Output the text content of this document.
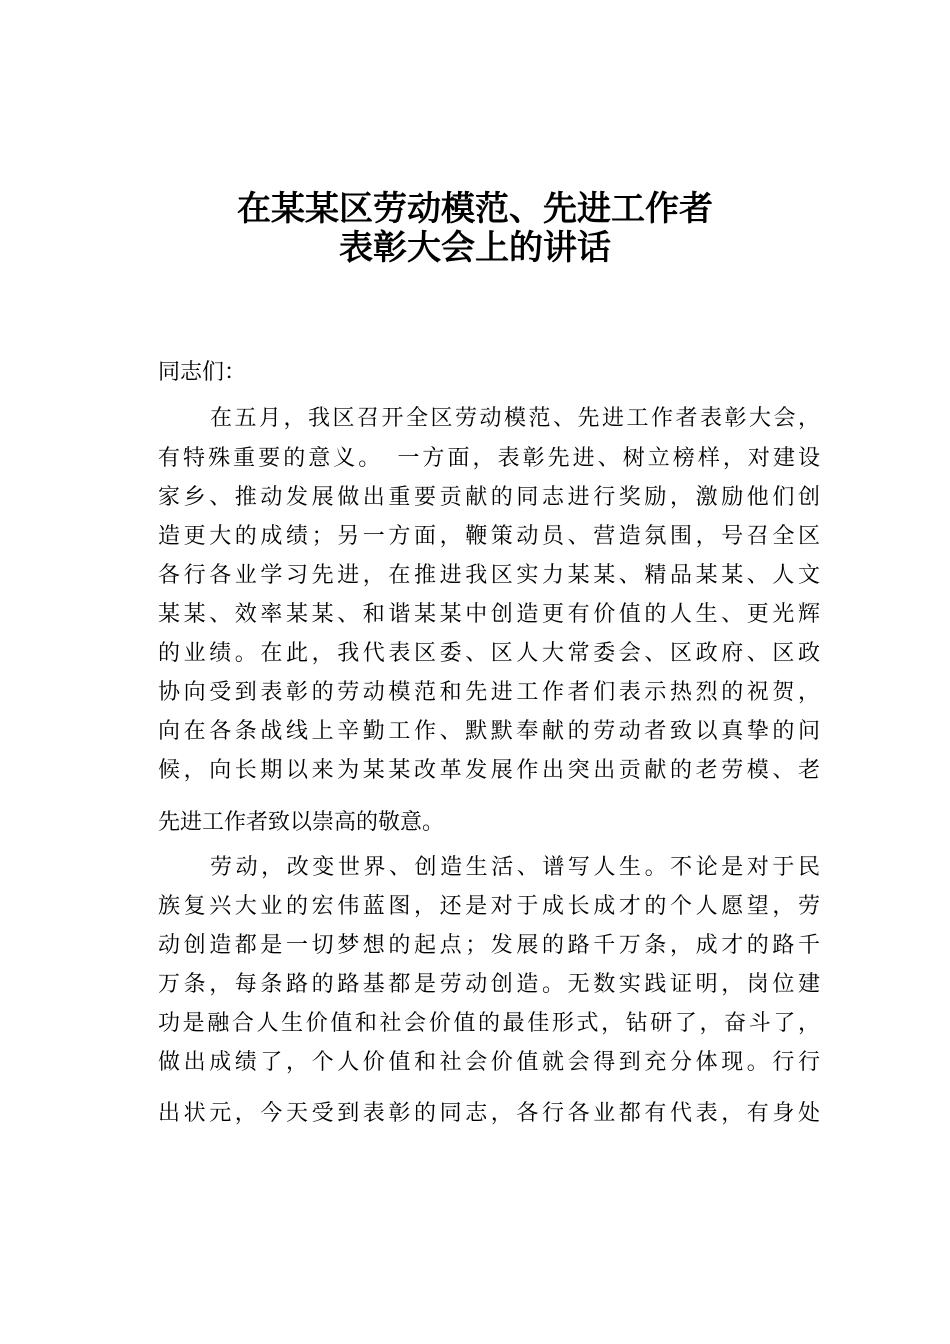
在某某区劳动模范、先进工作者
表彰大会上的讲话
同志们：
在五月，我区召开全区劳动模范、先进工作者表彰大会，
有特殊重要的意义。　一方面，表彰先进、树立榜样，对建设
家乡、推动发展做出重要贡献的同志进行奖励，激励他们创
造更大的成绩；另一方面，鞭策动员、营造氛围，号召全区
各行各业学习先进，在推进我区实力某某、精品某某、人文
某某、效率某某、和谐某某中创造更有价值的人生、更光辉
的业绩。在此，我代表区委、区人大常委会、区政府、区政
协向受到表彰的劳动模范和先进工作者们表示热烈的祝贺，
向在各条战线上辛勤工作、默默奉献的劳动者致以真挚的问
候，向长期以来为某某改革发展作出突出贡献的老劳模、老
先进工作者致以崇高的敬意。
劳动，改变世界、创造生活、谱写人生。不论是对于民
族复兴大业的宏伟蓝图，还是对于成长成才的个人愿望，劳
动创造都是一切梦想的起点；发展的路千万条，成才的路千
万条，每条路的路基都是劳动创造。无数实践证明，岗位建
功是融合人生价值和社会价值的最佳形式，钻研了，奋斗了，
做出成绩了，个人价值和社会价值就会得到充分体现。行行
出状元，今天受到表彰的同志，各行各业都有代表，有身处
